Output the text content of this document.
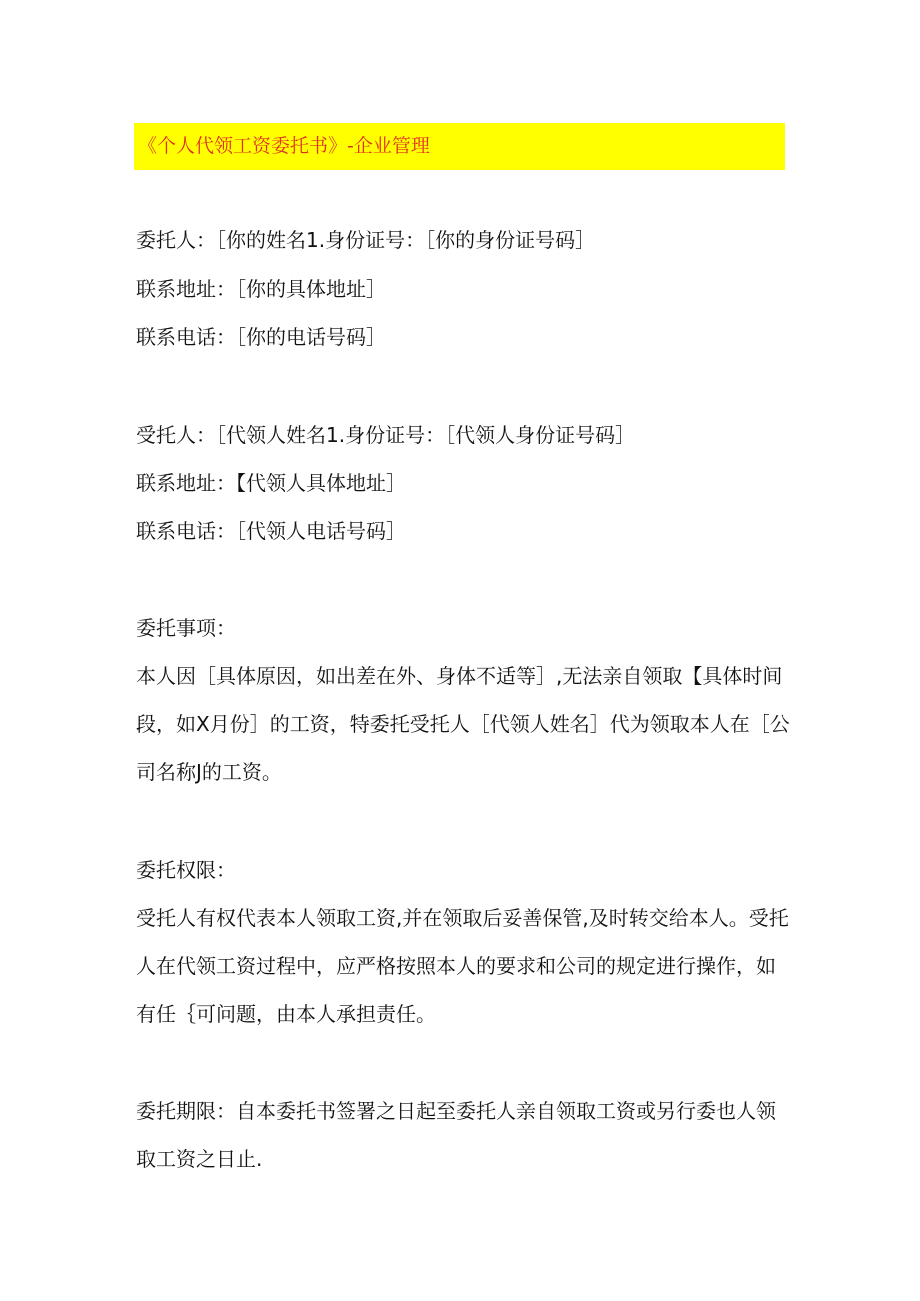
《个人代领工资委托书》-企业管理
委托人：［你的姓名1.身份证号：［你的身份证号码］
联系地址：［你的具体地址］
联系电话：［你的电话号码］
受托人：［代领人姓名1.身份证号：［代领人身份证号码］
联系地址：【代领人具体地址］
联系电话：［代领人电话号码］
委托事项：
本人因［具体原因，如出差在外、身体不适等］,无法亲自领取【具体时间
段，如X月份］的工资，特委托受托人［代领人姓名］代为领取本人在［公
司名称J的工资。
委托权限：
受托人有权代表本人领取工资,并在领取后妥善保管,及时转交给本人。受托
人在代领工资过程中，应严格按照本人的要求和公司的规定进行操作，如
有任｛可问题，由本人承担责任。
委托期限：自本委托书签署之日起至委托人亲自领取工资或另行委也人领
取工资之日止.
